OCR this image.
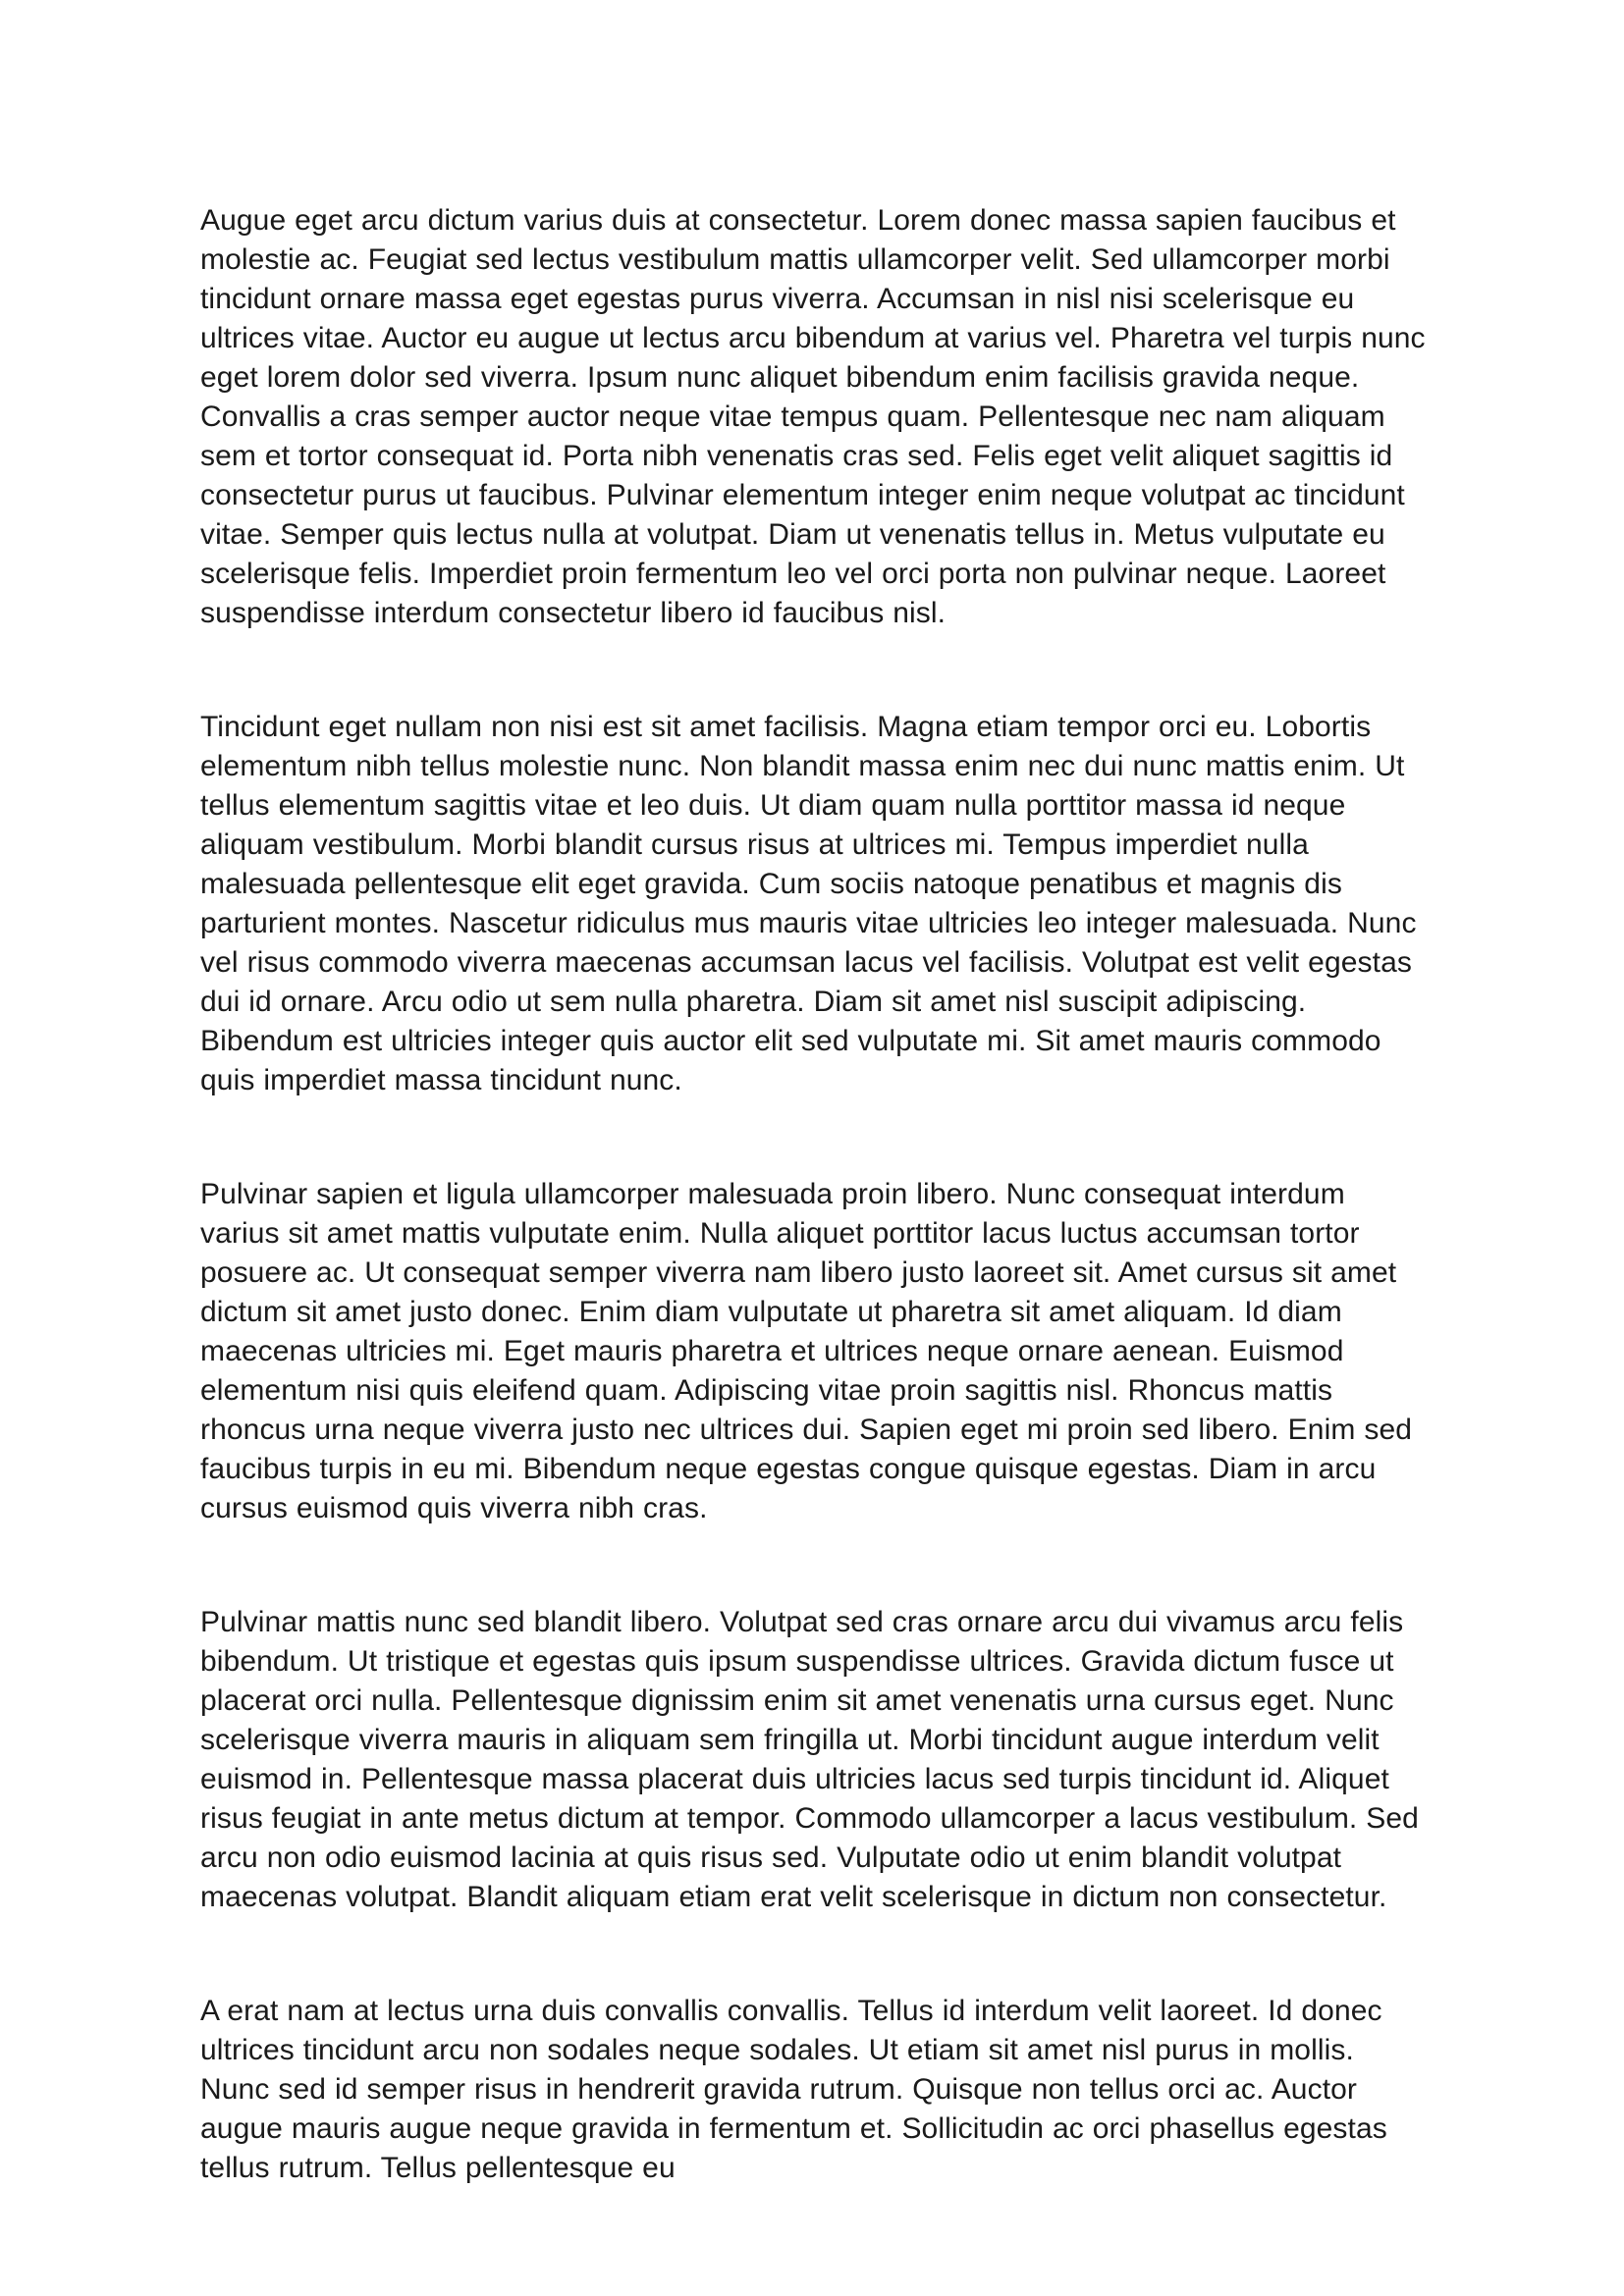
Augue eget arcu dictum varius duis at consectetur. Lorem donec massa sapien faucibus et molestie ac. Feugiat sed lectus vestibulum mattis ullamcorper velit. Sed ullamcorper morbi tincidunt ornare massa eget egestas purus viverra. Accumsan in nisl nisi scelerisque eu ultrices vitae. Auctor eu augue ut lectus arcu bibendum at varius vel. Pharetra vel turpis nunc eget lorem dolor sed viverra. Ipsum nunc aliquet bibendum enim facilisis gravida neque. Convallis a cras semper auctor neque vitae tempus quam. Pellentesque nec nam aliquam sem et tortor consequat id. Porta nibh venenatis cras sed. Felis eget velit aliquet sagittis id consectetur purus ut faucibus. Pulvinar elementum integer enim neque volutpat ac tincidunt vitae. Semper quis lectus nulla at volutpat. Diam ut venenatis tellus in. Metus vulputate eu scelerisque felis. Imperdiet proin fermentum leo vel orci porta non pulvinar neque. Laoreet suspendisse interdum consectetur libero id faucibus nisl.

Tincidunt eget nullam non nisi est sit amet facilisis. Magna etiam tempor orci eu. Lobortis elementum nibh tellus molestie nunc. Non blandit massa enim nec dui nunc mattis enim. Ut tellus elementum sagittis vitae et leo duis. Ut diam quam nulla porttitor massa id neque aliquam vestibulum. Morbi blandit cursus risus at ultrices mi. Tempus imperdiet nulla malesuada pellentesque elit eget gravida. Cum sociis natoque penatibus et magnis dis parturient montes. Nascetur ridiculus mus mauris vitae ultricies leo integer malesuada. Nunc vel risus commodo viverra maecenas accumsan lacus vel facilisis. Volutpat est velit egestas dui id ornare. Arcu odio ut sem nulla pharetra. Diam sit amet nisl suscipit adipiscing. Bibendum est ultricies integer quis auctor elit sed vulputate mi. Sit amet mauris commodo quis imperdiet massa tincidunt nunc.

Pulvinar sapien et ligula ullamcorper malesuada proin libero. Nunc consequat interdum varius sit amet mattis vulputate enim. Nulla aliquet porttitor lacus luctus accumsan tortor posuere ac. Ut consequat semper viverra nam libero justo laoreet sit. Amet cursus sit amet dictum sit amet justo donec. Enim diam vulputate ut pharetra sit amet aliquam. Id diam maecenas ultricies mi. Eget mauris pharetra et ultrices neque ornare aenean. Euismod elementum nisi quis eleifend quam. Adipiscing vitae proin sagittis nisl. Rhoncus mattis rhoncus urna neque viverra justo nec ultrices dui. Sapien eget mi proin sed libero. Enim sed faucibus turpis in eu mi. Bibendum neque egestas congue quisque egestas. Diam in arcu cursus euismod quis viverra nibh cras.

Pulvinar mattis nunc sed blandit libero. Volutpat sed cras ornare arcu dui vivamus arcu felis bibendum. Ut tristique et egestas quis ipsum suspendisse ultrices. Gravida dictum fusce ut placerat orci nulla. Pellentesque dignissim enim sit amet venenatis urna cursus eget. Nunc scelerisque viverra mauris in aliquam sem fringilla ut. Morbi tincidunt augue interdum velit euismod in. Pellentesque massa placerat duis ultricies lacus sed turpis tincidunt id. Aliquet risus feugiat in ante metus dictum at tempor. Commodo ullamcorper a lacus vestibulum. Sed arcu non odio euismod lacinia at quis risus sed. Vulputate odio ut enim blandit volutpat maecenas volutpat. Blandit aliquam etiam erat velit scelerisque in dictum non consectetur.

A erat nam at lectus urna duis convallis convallis. Tellus id interdum velit laoreet. Id donec ultrices tincidunt arcu non sodales neque sodales. Ut etiam sit amet nisl purus in mollis. Nunc sed id semper risus in hendrerit gravida rutrum. Quisque non tellus orci ac. Auctor augue mauris augue neque gravida in fermentum et. Sollicitudin ac orci phasellus egestas tellus rutrum. Tellus pellentesque eu
